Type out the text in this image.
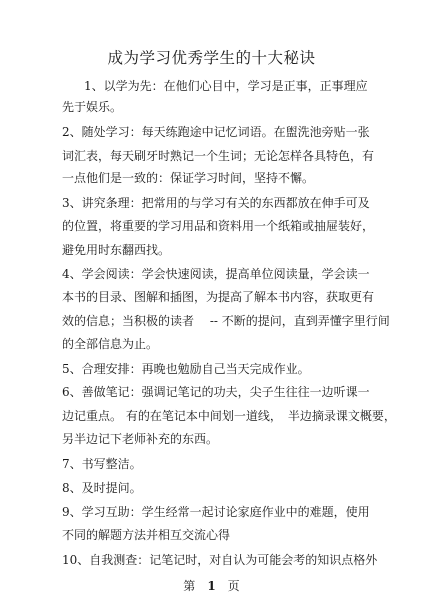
成为学习优秀学生的十大秘诀
1、以学为先：在他们心目中，学习是正事，正事理应
先于娱乐。
2、随处学习：每天练跑途中记忆词语。在盥洗池旁贴一张
词汇表，每天刷牙时熟记一个生词；无论怎样各具特色，有
一点他们是一致的：保证学习时间，坚持不懈。
3、讲究条理：把常用的与学习有关的东西都放在伸手可及
的位置，将重要的学习用品和资料用一个纸箱或抽屉装好，
避免用时东翻西找。
4、学会阅读：学会快速阅读，提高单位阅读量，学会读一
本书的目录、图解和插图，为提高了解本书内容，获取更有
效的信息；当积极的读者　 -- 不断的提问，直到弄懂字里行间
的全部信息为止。
5、合理安排：再晚也勉励自己当天完成作业。
6、善做笔记：强调记笔记的功夫，尖子生往往一边听课一
边记重点。 有的在笔记本中间划一道线，　半边摘录课文概要，
另半边记下老师补充的东西。
7、书写整洁。
8、及时提问。
9、学习互助：学生经常一起讨论家庭作业中的难题，使用
不同的解题方法并相互交流心得
10、自我测查：记笔记时，对自认为可能会考的知识点格外
第 1 页
